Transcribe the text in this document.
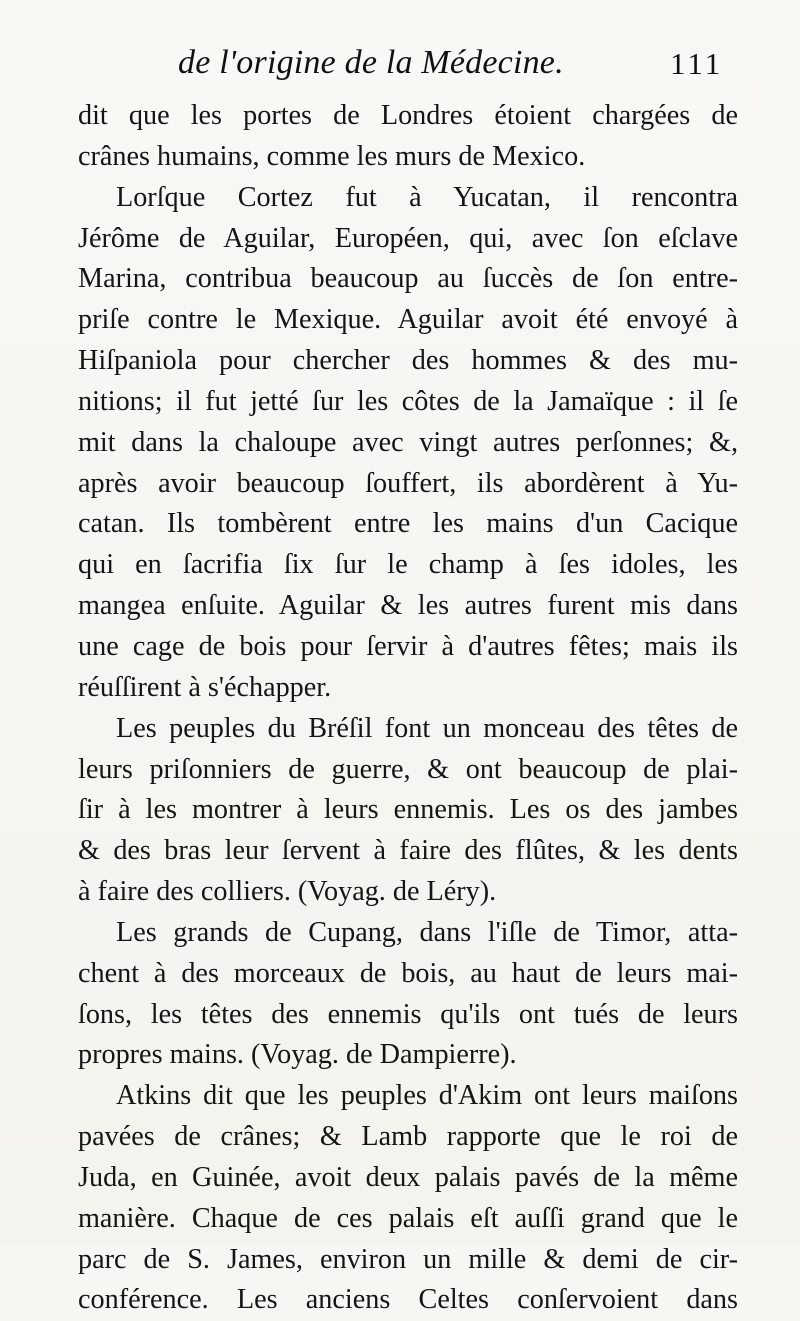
de l'origine de la Médecine.	111
dit que les portes de Londres étoient chargées de
crânes humains, comme les murs de Mexico.
Lorſque Cortez fut à Yucatan, il rencontra
Jérôme de Aguilar, Européen, qui, avec ſon eſclave
Marina, contribua beaucoup au ſuccès de ſon entre-
priſe contre le Mexique. Aguilar avoit été envoyé à
Hiſpaniola pour chercher des hommes & des mu-
nitions; il fut jetté ſur les côtes de la Jamaïque : il ſe
mit dans la chaloupe avec vingt autres perſonnes; &,
après avoir beaucoup ſouffert, ils abordèrent à Yu-
catan. Ils tombèrent entre les mains d'un Cacique
qui en ſacrifia ſix ſur le champ à ſes idoles, les
mangea enſuite. Aguilar & les autres furent mis dans
une cage de bois pour ſervir à d'autres fêtes; mais ils
réuſſirent à s'échapper.
Les peuples du Bréſil font un monceau des têtes de
leurs priſonniers de guerre, & ont beaucoup de plai-
ſir à les montrer à leurs ennemis. Les os des jambes
& des bras leur ſervent à faire des flûtes, & les dents
à faire des colliers. (Voyag. de Léry).
Les grands de Cupang, dans l'iſle de Timor, atta-
chent à des morceaux de bois, au haut de leurs mai-
ſons, les têtes des ennemis qu'ils ont tués de leurs
propres mains. (Voyag. de Dampierre).
Atkins dit que les peuples d'Akim ont leurs maiſons
pavées de crânes; & Lamb rapporte que le roi de
Juda, en Guinée, avoit deux palais pavés de la même
manière. Chaque de ces palais eſt auſſi grand que le
parc de S. James, environ un mille & demi de cir-
conférence. Les anciens Celtes conſervoient dans
